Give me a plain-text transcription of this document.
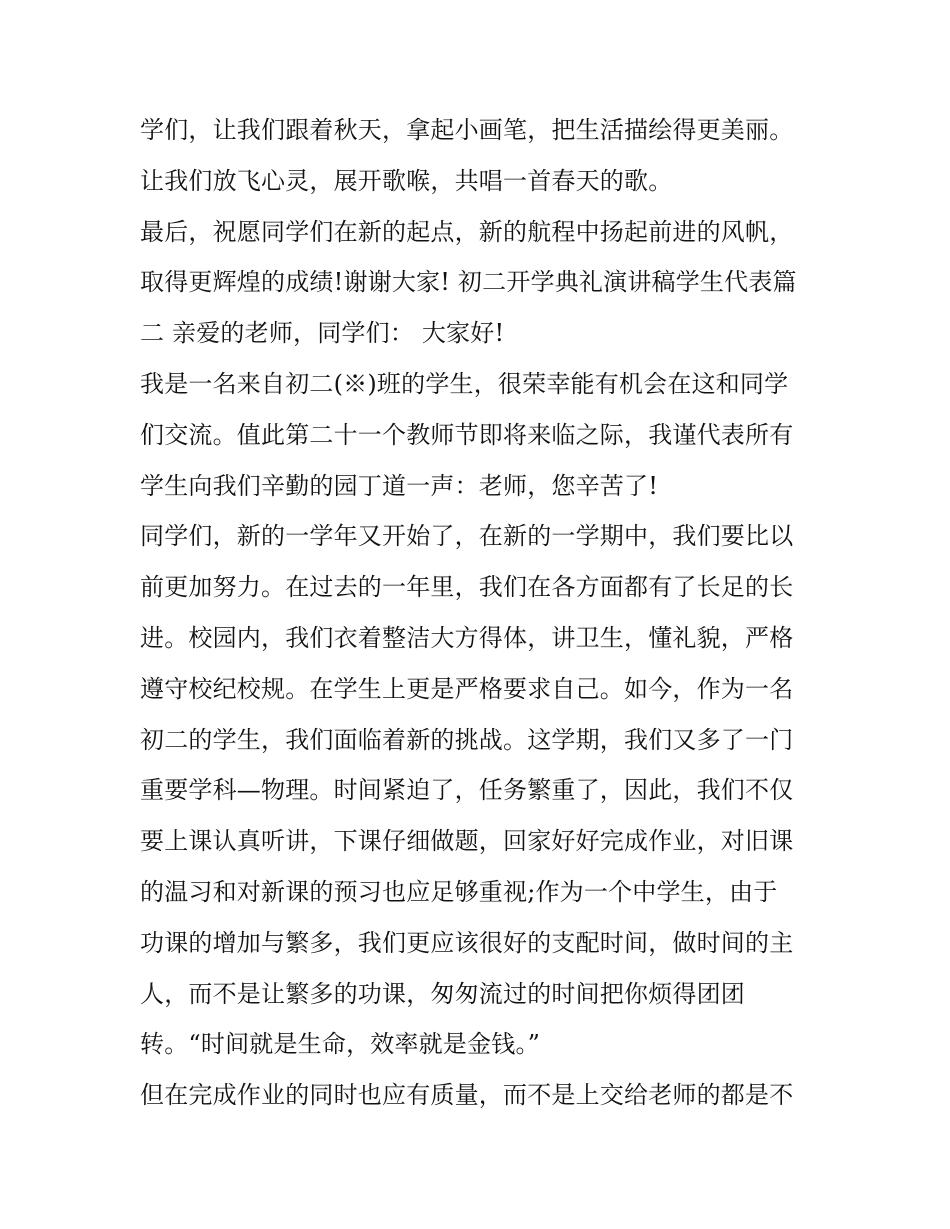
学们，让我们跟着秋天，拿起小画笔，把生活描绘得更美丽。
让我们放飞心灵，展开歌喉，共唱一首春天的歌。
最后，祝愿同学们在新的起点，新的航程中扬起前进的风帆，
取得更辉煌的成绩!谢谢大家! 初二开学典礼演讲稿学生代表篇
二 亲爱的老师，同学们： 大家好!
我是一名来自初二(※)班的学生，很荣幸能有机会在这和同学
们交流。值此第二十一个教师节即将来临之际，我谨代表所有
学生向我们辛勤的园丁道一声：老师，您辛苦了!
同学们，新的一学年又开始了，在新的一学期中，我们要比以
前更加努力。在过去的一年里，我们在各方面都有了长足的长
进。校园内，我们衣着整洁大方得体，讲卫生，懂礼貌，严格
遵守校纪校规。在学生上更是严格要求自己。如今，作为一名
初二的学生，我们面临着新的挑战。这学期，我们又多了一门
重要学科—物理。时间紧迫了，任务繁重了，因此，我们不仅
要上课认真听讲，下课仔细做题，回家好好完成作业，对旧课
的温习和对新课的预习也应足够重视;作为一个中学生，由于
功课的增加与繁多，我们更应该很好的支配时间，做时间的主
人，而不是让繁多的功课，匆匆流过的时间把你烦得团团
转。“时间就是生命，效率就是金钱。”
但在完成作业的同时也应有质量，而不是上交给老师的都是不
